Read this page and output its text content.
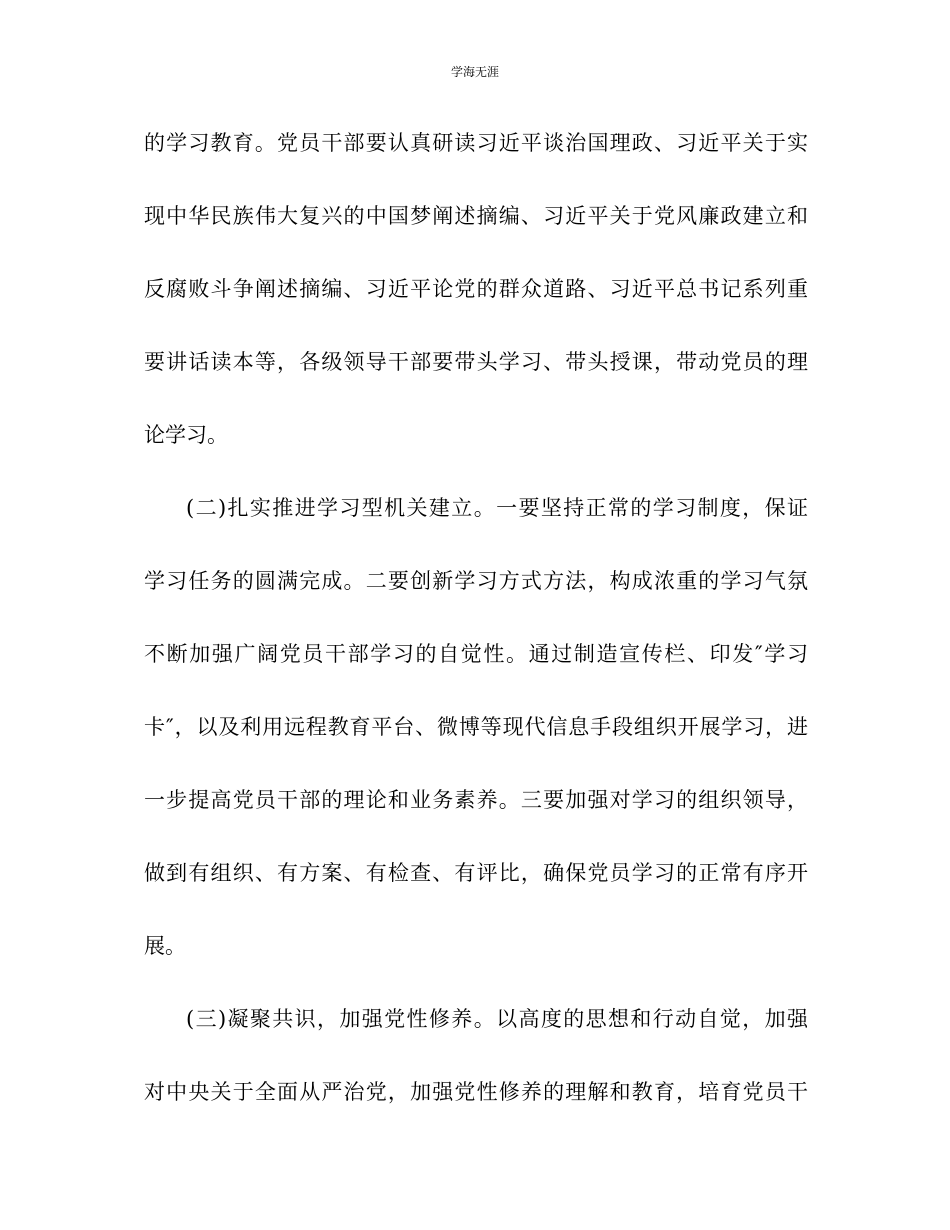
学海无涯
的学习教育。党员干部要认真研读习近平谈治国理政、习近平关于实
现中华民族伟大复兴的中国梦阐述摘编、习近平关于党风廉政建立和
反腐败斗争阐述摘编、习近平论党的群众道路、习近平总书记系列重
要讲话读本等，各级领导干部要带头学习、带头授课，带动党员的理
论学习。
(二)扎实推进学习型机关建立。一要坚持正常的学习制度，保证
学习任务的圆满完成。二要创新学习方式方法，构成浓重的学习气氛
不断加强广阔党员干部学习的自觉性。通过制造宣传栏、印发″学习
卡″，以及利用远程教育平台、微博等现代信息手段组织开展学习，进
一步提高党员干部的理论和业务素养。三要加强对学习的组织领导，
做到有组织、有方案、有检查、有评比，确保党员学习的正常有序开
展。
(三)凝聚共识，加强党性修养。以高度的思想和行动自觉，加强
对中央关于全面从严治党，加强党性修养的理解和教育，培育党员干
